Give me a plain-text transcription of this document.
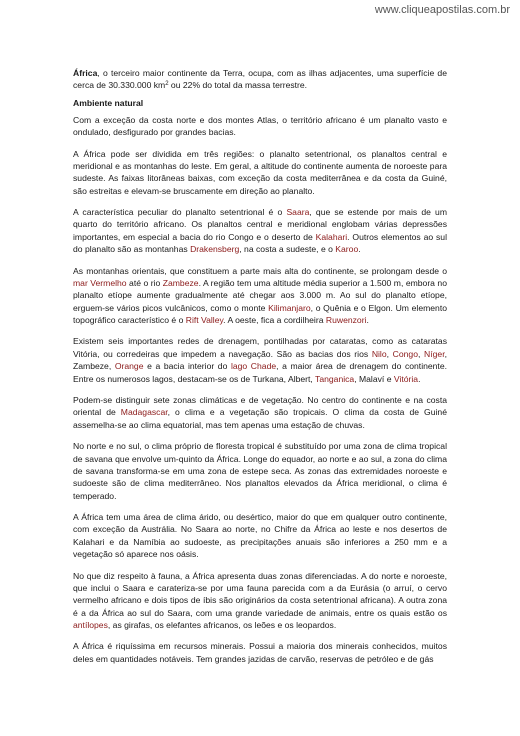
www.cliqueapostilas.com.br

África, o terceiro maior continente da Terra, ocupa, com as ilhas adjacentes, uma superfície de cerca de 30.330.000 $km^2$ ou 22% do total da massa terrestre.

Ambiente natural

Com a exceção da costa norte e dos montes Atlas, o território africano é um planalto vasto e ondulado, desfigurado por grandes bacias.

A África pode ser dividida em três regiões: o planalto setentrional, os planaltos central e meridional e as montanhas do leste. Em geral, a altitude do continente aumenta de noroeste para sudeste. As faixas litorâneas baixas, com exceção da costa mediterrânea e da costa da Guiné, são estreitas e elevam-se bruscamente em direção ao planalto.

A característica peculiar do planalto setentrional é o Saara, que se estende por mais de um quarto do território africano. Os planaltos central e meridional englobam várias depressões importantes, em especial a bacia do rio Congo e o deserto de Kalahari. Outros elementos ao sul do planalto são as montanhas Drakensberg, na costa a sudeste, e o Karoo.

As montanhas orientais, que constituem a parte mais alta do continente, se prolongam desde o mar Vermelho até o rio Zambeze. A região tem uma altitude média superior a 1.500 m, embora no planalto etíope aumente gradualmente até chegar aos 3.000 m. Ao sul do planalto etíope, erguem-se vários picos vulcânicos, como o monte Kilimanjaro, o Quênia e o Elgon. Um elemento topográfico característico é o Rift Valley. A oeste, fica a cordilheira Ruwenzori.

Existem seis importantes redes de drenagem, pontilhadas por cataratas, como as cataratas Vitória, ou corredeiras que impedem a navegação. São as bacias dos rios Nilo, Congo, Níger, Zambeze, Orange e a bacia interior do lago Chade, a maior área de drenagem do continente. Entre os numerosos lagos, destacam-se os de Turkana, Albert, Tanganica, Malaví e Vitória.

Podem-se distinguir sete zonas climáticas e de vegetação. No centro do continente e na costa oriental de Madagascar, o clima e a vegetação são tropicais. O clima da costa de Guiné assemelha-se ao clima equatorial, mas tem apenas uma estação de chuvas.

No norte e no sul, o clima próprio de floresta tropical é substituído por uma zona de clima tropical de savana que envolve um-quinto da África. Longe do equador, ao norte e ao sul, a zona do clima de savana transforma-se em uma zona de estepe seca. As zonas das extremidades noroeste e sudoeste são de clima mediterrâneo. Nos planaltos elevados da África meridional, o clima é temperado.

A África tem uma área de clima árido, ou desértico, maior do que em qualquer outro continente, com exceção da Austrália. No Saara ao norte, no Chifre da África ao leste e nos desertos de Kalahari e da Namíbia ao sudoeste, as precipitações anuais são inferiores a 250 mm e a vegetação só aparece nos oásis.

No que diz respeito à fauna, a África apresenta duas zonas diferenciadas. A do norte e noroeste, que inclui o Saara e carateriza-se por uma fauna parecida com a da Eurásia (o arruí, o cervo vermelho africano e dois tipos de íbis são originários da costa setentrional africana). A outra zona é a da África ao sul do Saara, com uma grande variedade de animais, entre os quais estão os antílopes, as girafas, os elefantes africanos, os leões e os leopardos.

A África é riquíssima em recursos minerais. Possui a maioria dos minerais conhecidos, muitos deles em quantidades notáveis. Tem grandes jazidas de carvão, reservas de petróleo e de gás
